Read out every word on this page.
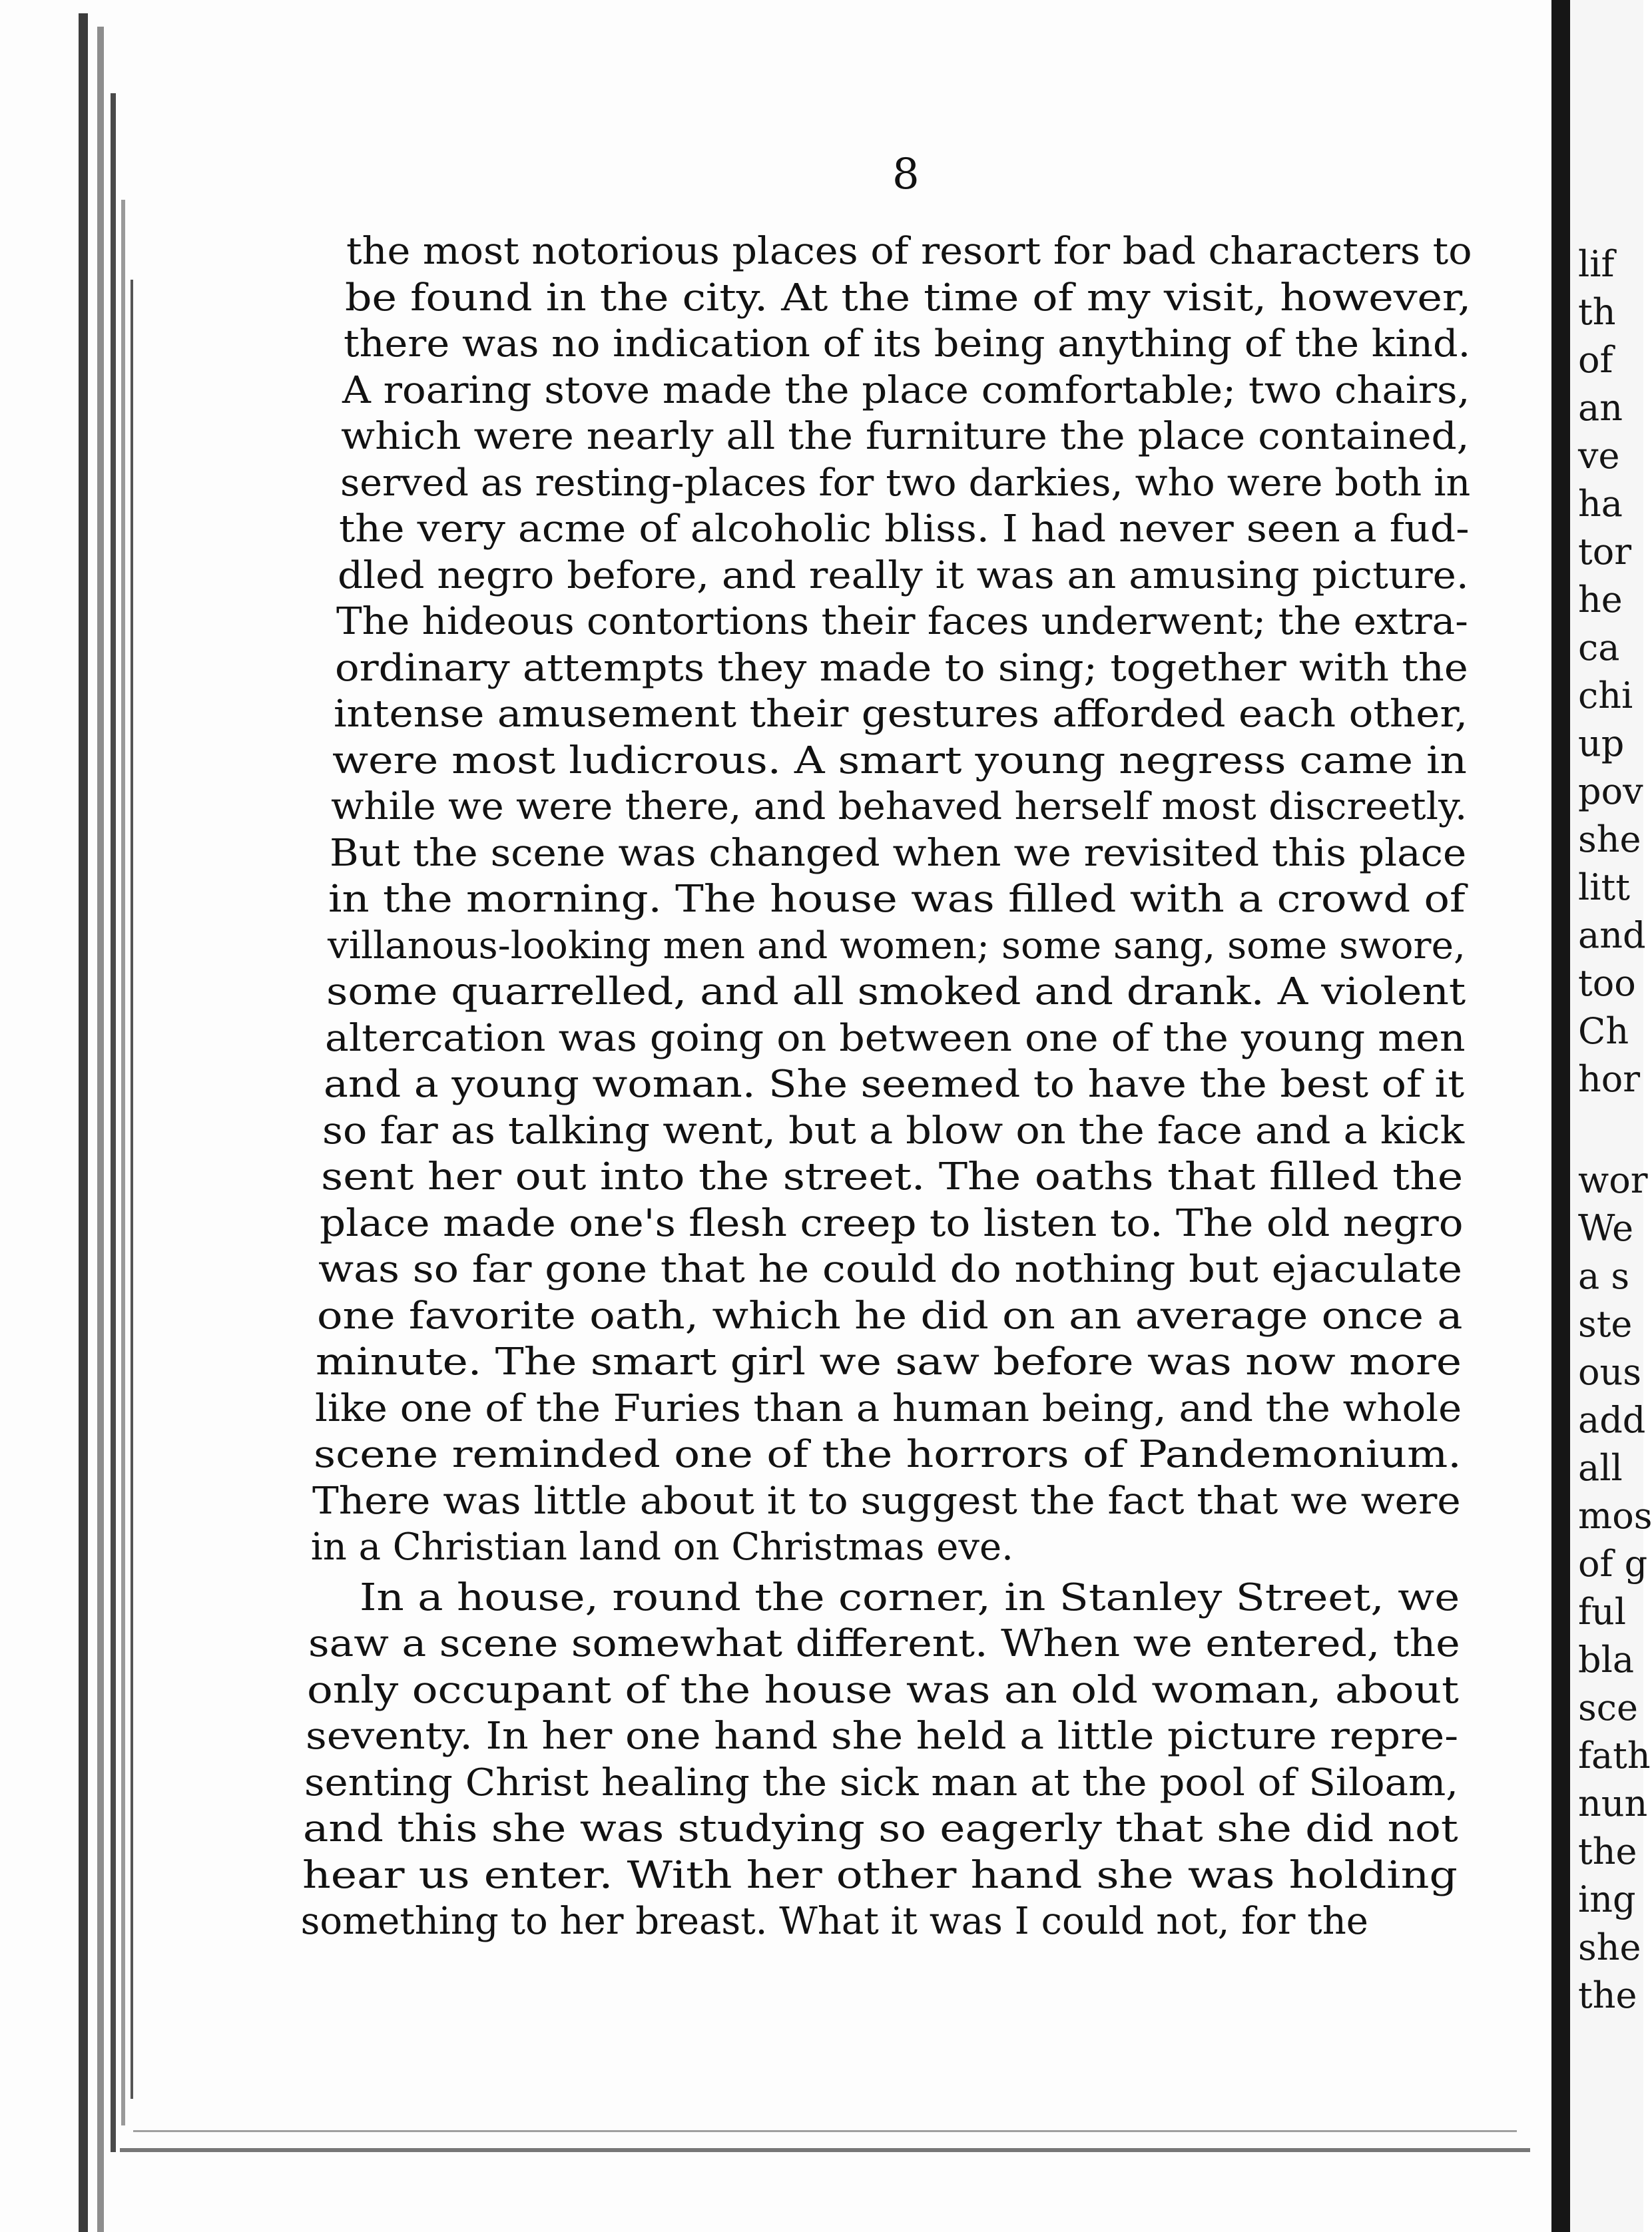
lif
th
of
an
ve
ha
tor
he
ca
chi
up
pov
she
litt
and
too
Ch
hor
wor
We
a s
ste
ous
add
all
mos
of g
ful
bla
sce
fath
nun
the
ing
she
the
8
the most notorious places of resort for bad characters to
be found in the city. At the time of my visit, however,
there was no indication of its being anything of the kind.
A roaring stove made the place comfortable; two chairs,
which were nearly all the furniture the place contained,
served as resting-places for two darkies, who were both in
the very acme of alcoholic bliss. I had never seen a fud-
dled negro before, and really it was an amusing picture.
The hideous contortions their faces underwent; the extra-
ordinary attempts they made to sing; together with the
intense amusement their gestures afforded each other,
were most ludicrous. A smart young negress came in
while we were there, and behaved herself most discreetly.
But the scene was changed when we revisited this place
in the morning. The house was filled with a crowd of
villanous-looking men and women; some sang, some swore,
some quarrelled, and all smoked and drank. A violent
altercation was going on between one of the young men
and a young woman. She seemed to have the best of it
so far as talking went, but a blow on the face and a kick
sent her out into the street. The oaths that filled the
place made one's flesh creep to listen to. The old negro
was so far gone that he could do nothing but ejaculate
one favorite oath, which he did on an average once a
minute. The smart girl we saw before was now more
like one of the Furies than a human being, and the whole
scene reminded one of the horrors of Pandemonium.
There was little about it to suggest the fact that we were
in a Christian land on Christmas eve.
In a house, round the corner, in Stanley Street, we
saw a scene somewhat different. When we entered, the
only occupant of the house was an old woman, about
seventy. In her one hand she held a little picture repre-
senting Christ healing the sick man at the pool of Siloam,
and this she was studying so eagerly that she did not
hear us enter. With her other hand she was holding
something to her breast. What it was I could not, for the
